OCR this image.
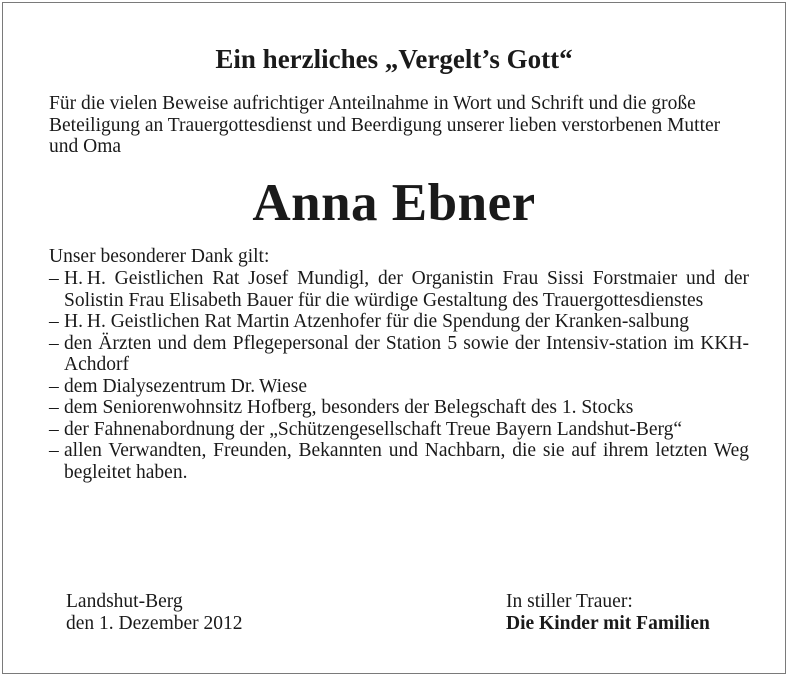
Ein herzliches „Vergelt’s Gott“
Für die vielen Beweise aufrichtiger Anteilnahme in Wort und Schrift und die große Beteiligung an Trauergottesdienst und Beerdigung unserer lieben verstorbenen Mutter und Oma
Anna Ebner
Unser besonderer Dank gilt:
– H. H. Geistlichen Rat Josef Mundigl, der Organistin Frau Sissi Forstmaier und der Solistin Frau Elisabeth Bauer für die würdige Gestaltung des Trauergottesdienstes
– H. H. Geistlichen Rat Martin Atzenhofer für die Spendung der Kranken-salbung
– den Ärzten und dem Pflegepersonal der Station 5 sowie der Intensiv-station im KKH-Achdorf
– dem Dialysezentrum Dr. Wiese
– dem Seniorenwohnsitz Hofberg, besonders der Belegschaft des 1. Stocks
– der Fahnenabordnung der „Schützengesellschaft Treue Bayern Landshut-Berg“
– allen Verwandten, Freunden, Bekannten und Nachbarn, die sie auf ihrem letzten Weg begleitet haben.
Landshut-Berg
den 1. Dezember 2012
In stiller Trauer:
Die Kinder mit Familien
